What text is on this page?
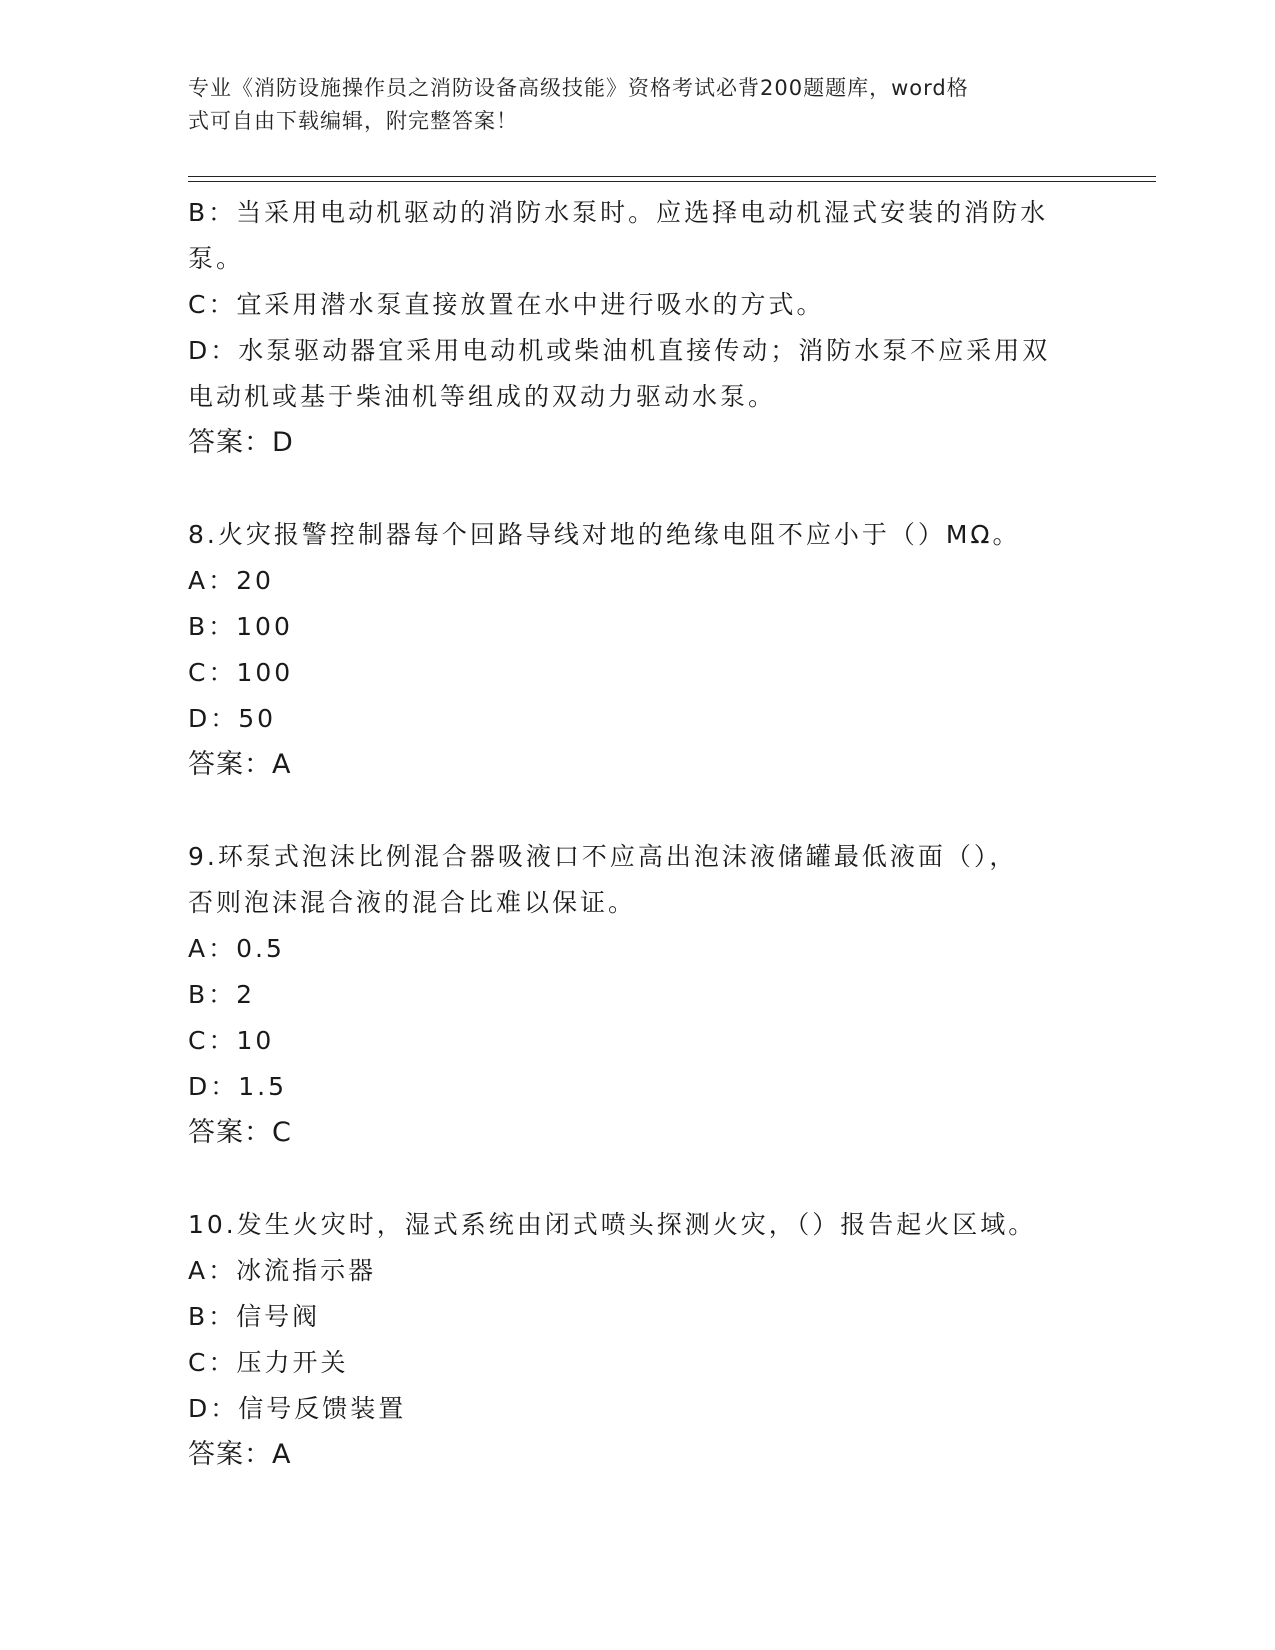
专业《消防设施操作员之消防设备高级技能》资格考试必背200题题库，word格
式可自由下载编辑，附完整答案！
B：当采用电动机驱动的消防水泵时。应选择电动机湿式安装的消防水
泵。
C：宜采用潜水泵直接放置在水中进行吸水的方式。
D：水泵驱动器宜采用电动机或柴油机直接传动；消防水泵不应采用双
电动机或基于柴油机等组成的双动力驱动水泵。
答案：D
8.火灾报警控制器每个回路导线对地的绝缘电阻不应小于（）MΩ。
A：20
B：100
C：100
D：50
答案：A
9.环泵式泡沫比例混合器吸液口不应高出泡沫液储罐最低液面（），
否则泡沫混合液的混合比难以保证。
A：0.5
B：2
C：10
D：1.5
答案：C
10.发生火灾时，湿式系统由闭式喷头探测火灾，（）报告起火区域。
A：冰流指示器
B：信号阀
C：压力开关
D：信号反馈装置
答案：A
